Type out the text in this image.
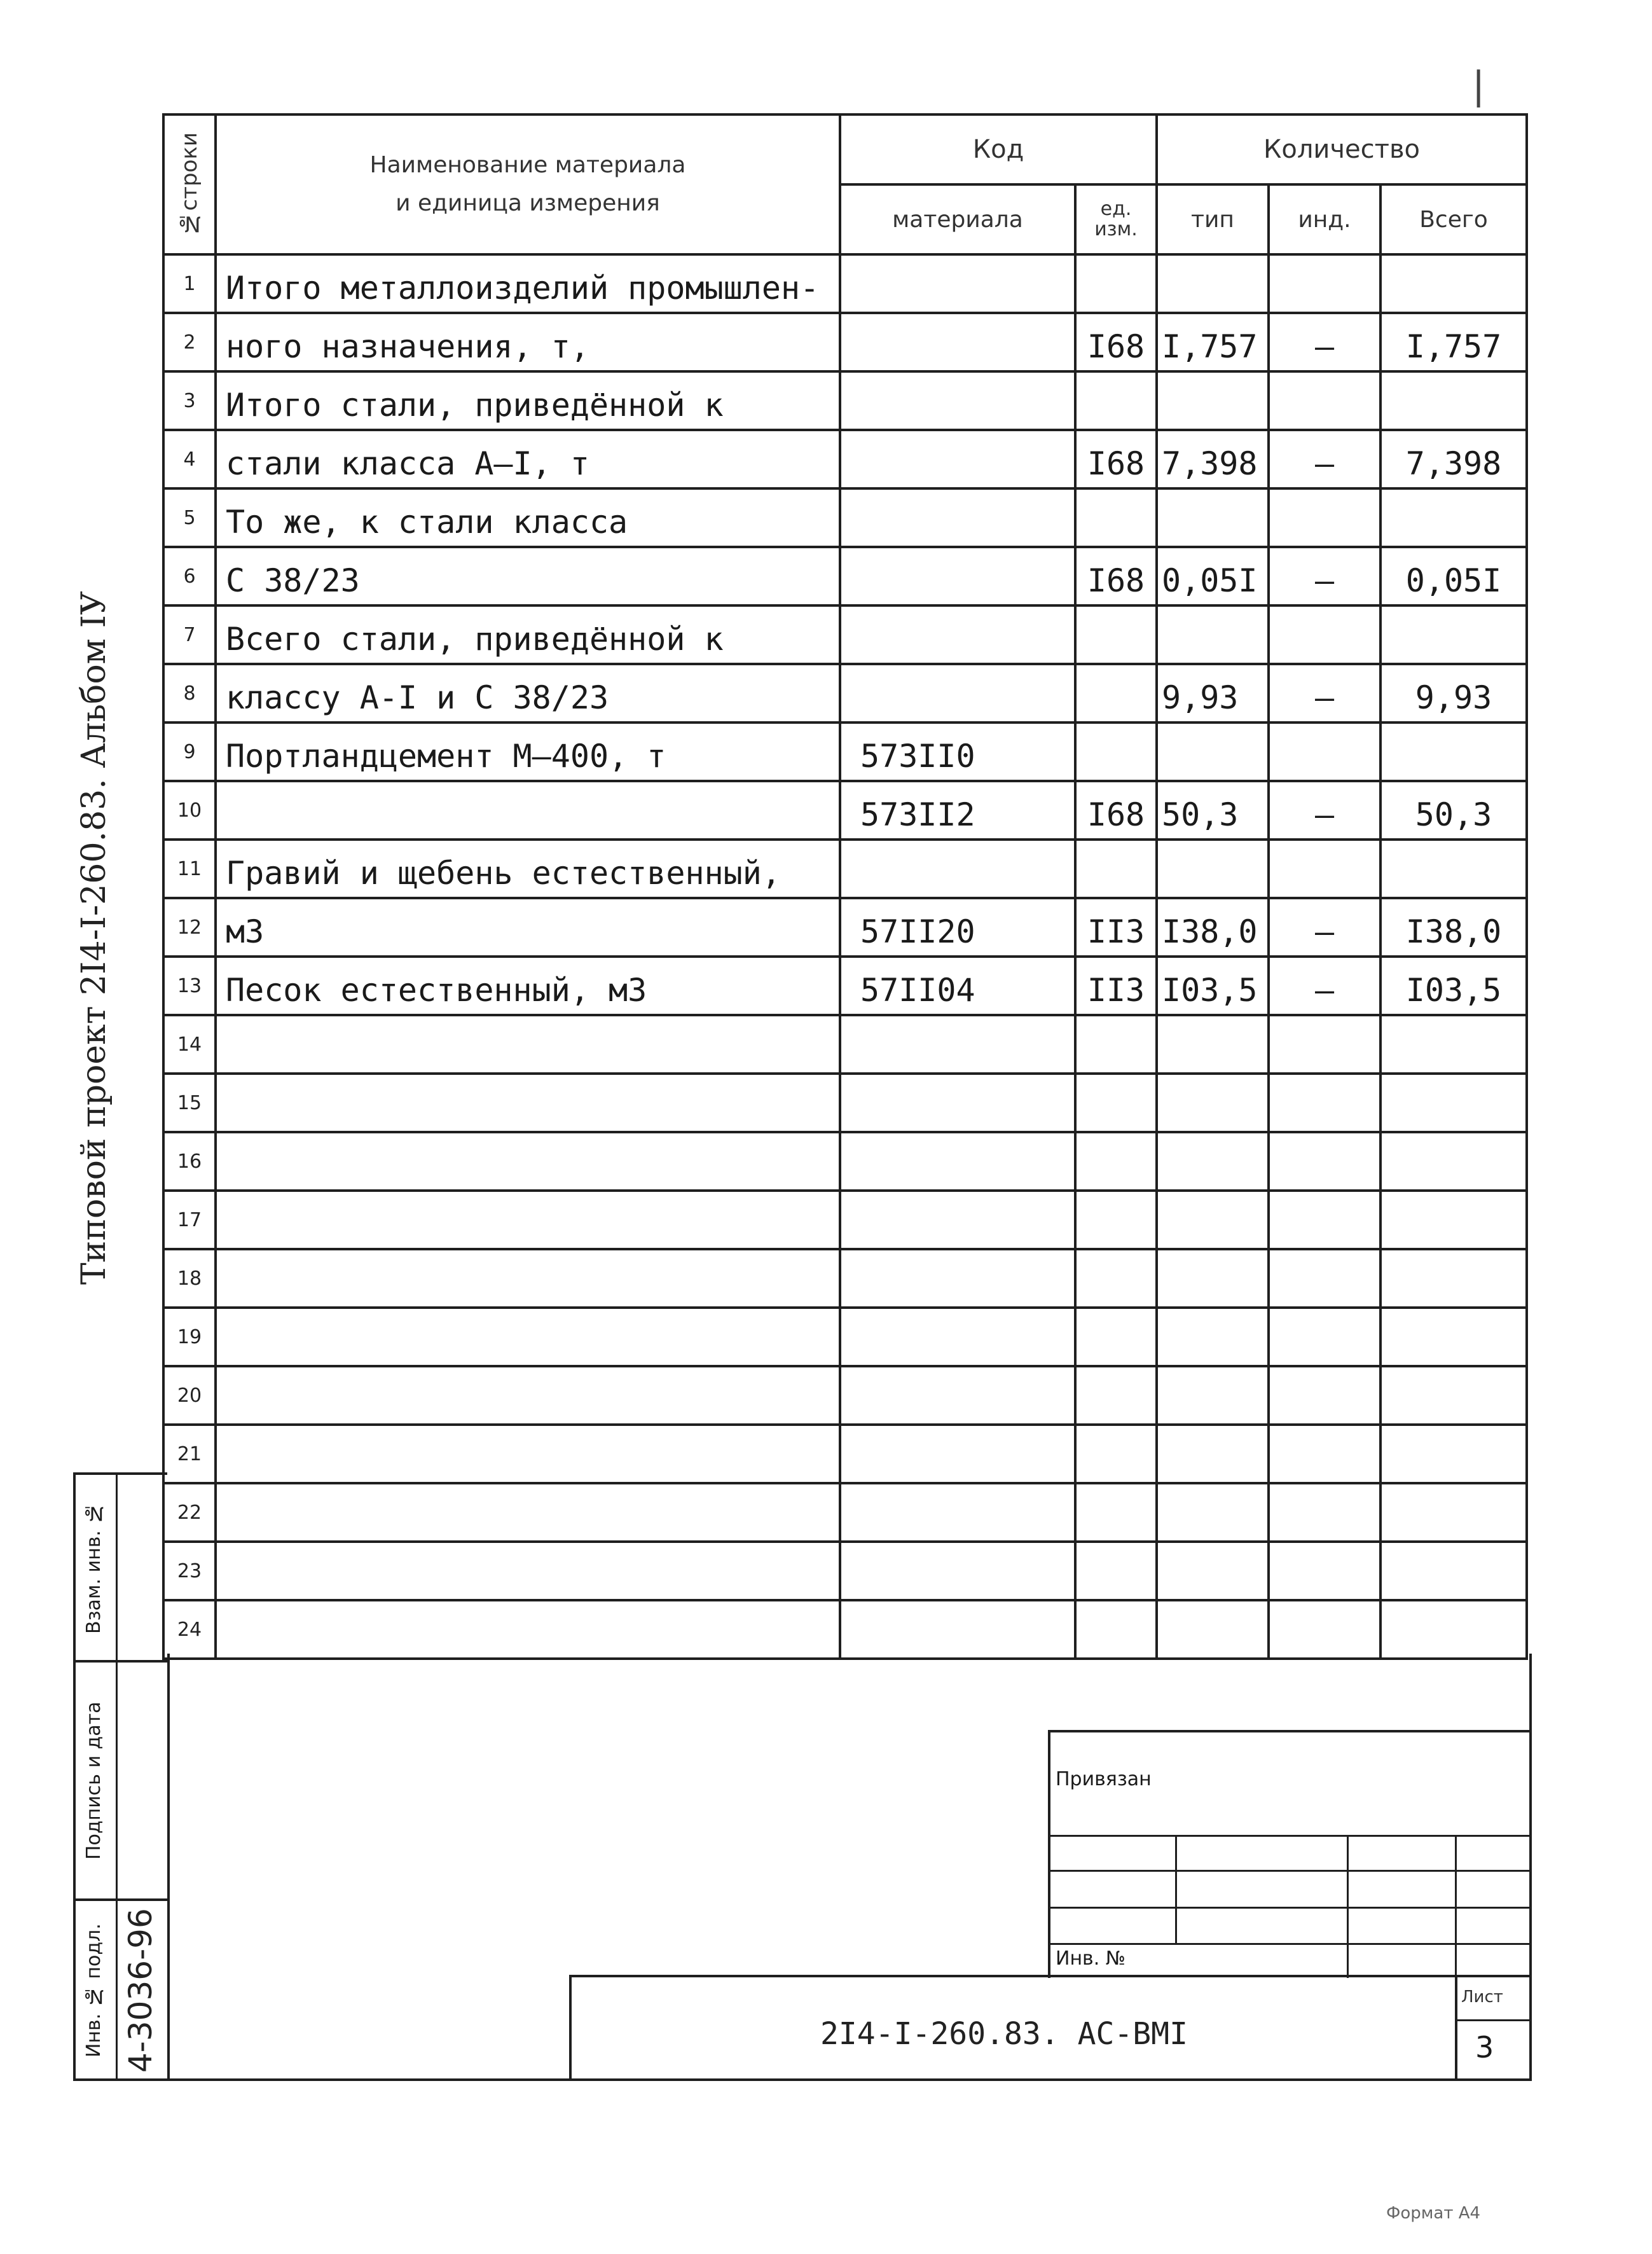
|
Типовой проект 2I4-I-260.83. Альбом IУ
№строки	Наименование материала
и единица измерения	Код		Количество		
		материала	ед. изм.	тип	инд.	Всего
1	Итого металлоизделий промышлен-					
2	ного назначения, т,		I68	I,757	–	I,757
3	Итого стали, приведённой к					
4	стали класса А–I, т		I68	7,398	–	7,398
5	То же, к стали класса					
6	С 38/23		I68	0,05I	–	0,05I
7	Всего стали, приведённой к					
8	классу А-I и С 38/23			9,93	–	9,93
9	Портландцемент М–400, т	573II0				
10		573II2	I68	50,3	–	50,3
11	Гравий и щебень естественный,					
12	м3	57II20	II3	I38,0	–	I38,0
13	Песок естественный, м3	57II04	II3	I03,5	–	I03,5
14						
15						
16						
17						
18						
19						
20						
21						
22						
23						
24						
Взам. инв. №
Подпись и дата
Инв. № подл. 4-3036-96
Привязан
Инв. №
2I4-I-260.83. АС-ВМI
Лист
3
Формат А4
